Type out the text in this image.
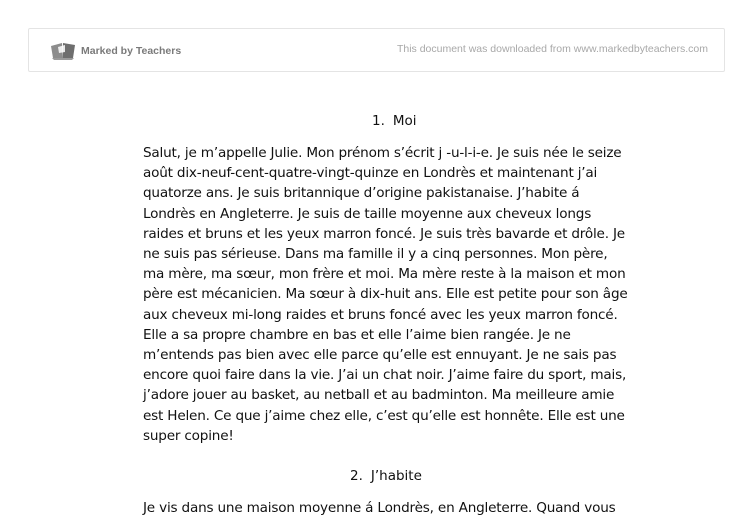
Marked by Teachers	This document was downloaded from www.markedbyteachers.com
1. Moi

Salut, je m’appelle Julie. Mon prénom s’écrit j -u-l-i-e. Je suis née le seize août dix-neuf-cent-quatre-vingt-quinze en Londrès et maintenant j’ai quatorze ans. Je suis britannique d’origine pakistanaise. J’habite á Londrès en Angleterre. Je suis de taille moyenne aux cheveux longs raides et bruns et les yeux marron foncé. Je suis très bavarde et drôle. Je ne suis pas sérieuse. Dans ma famille il y a cinq personnes. Mon père, ma mère, ma sœur, mon frère et moi. Ma mère reste à la maison et mon père est mécanicien. Ma sœur à dix-huit ans. Elle est petite pour son âge aux cheveux mi-long raides et bruns foncé avec les yeux marron foncé. Elle a sa propre chambre en bas et elle l’aime bien rangée. Je ne m’entends pas bien avec elle parce qu’elle est ennuyant. Je ne sais pas encore quoi faire dans la vie. J’ai un chat noir. J’aime faire du sport, mais, j’adore jouer au basket, au netball et au badminton. Ma meilleure amie est Helen. Ce que j’aime chez elle, c’est qu’elle est honnête. Elle est une super copine!

2. J’habite

Je vis dans une maison moyenne á Londrès, en Angleterre. Quand vous
